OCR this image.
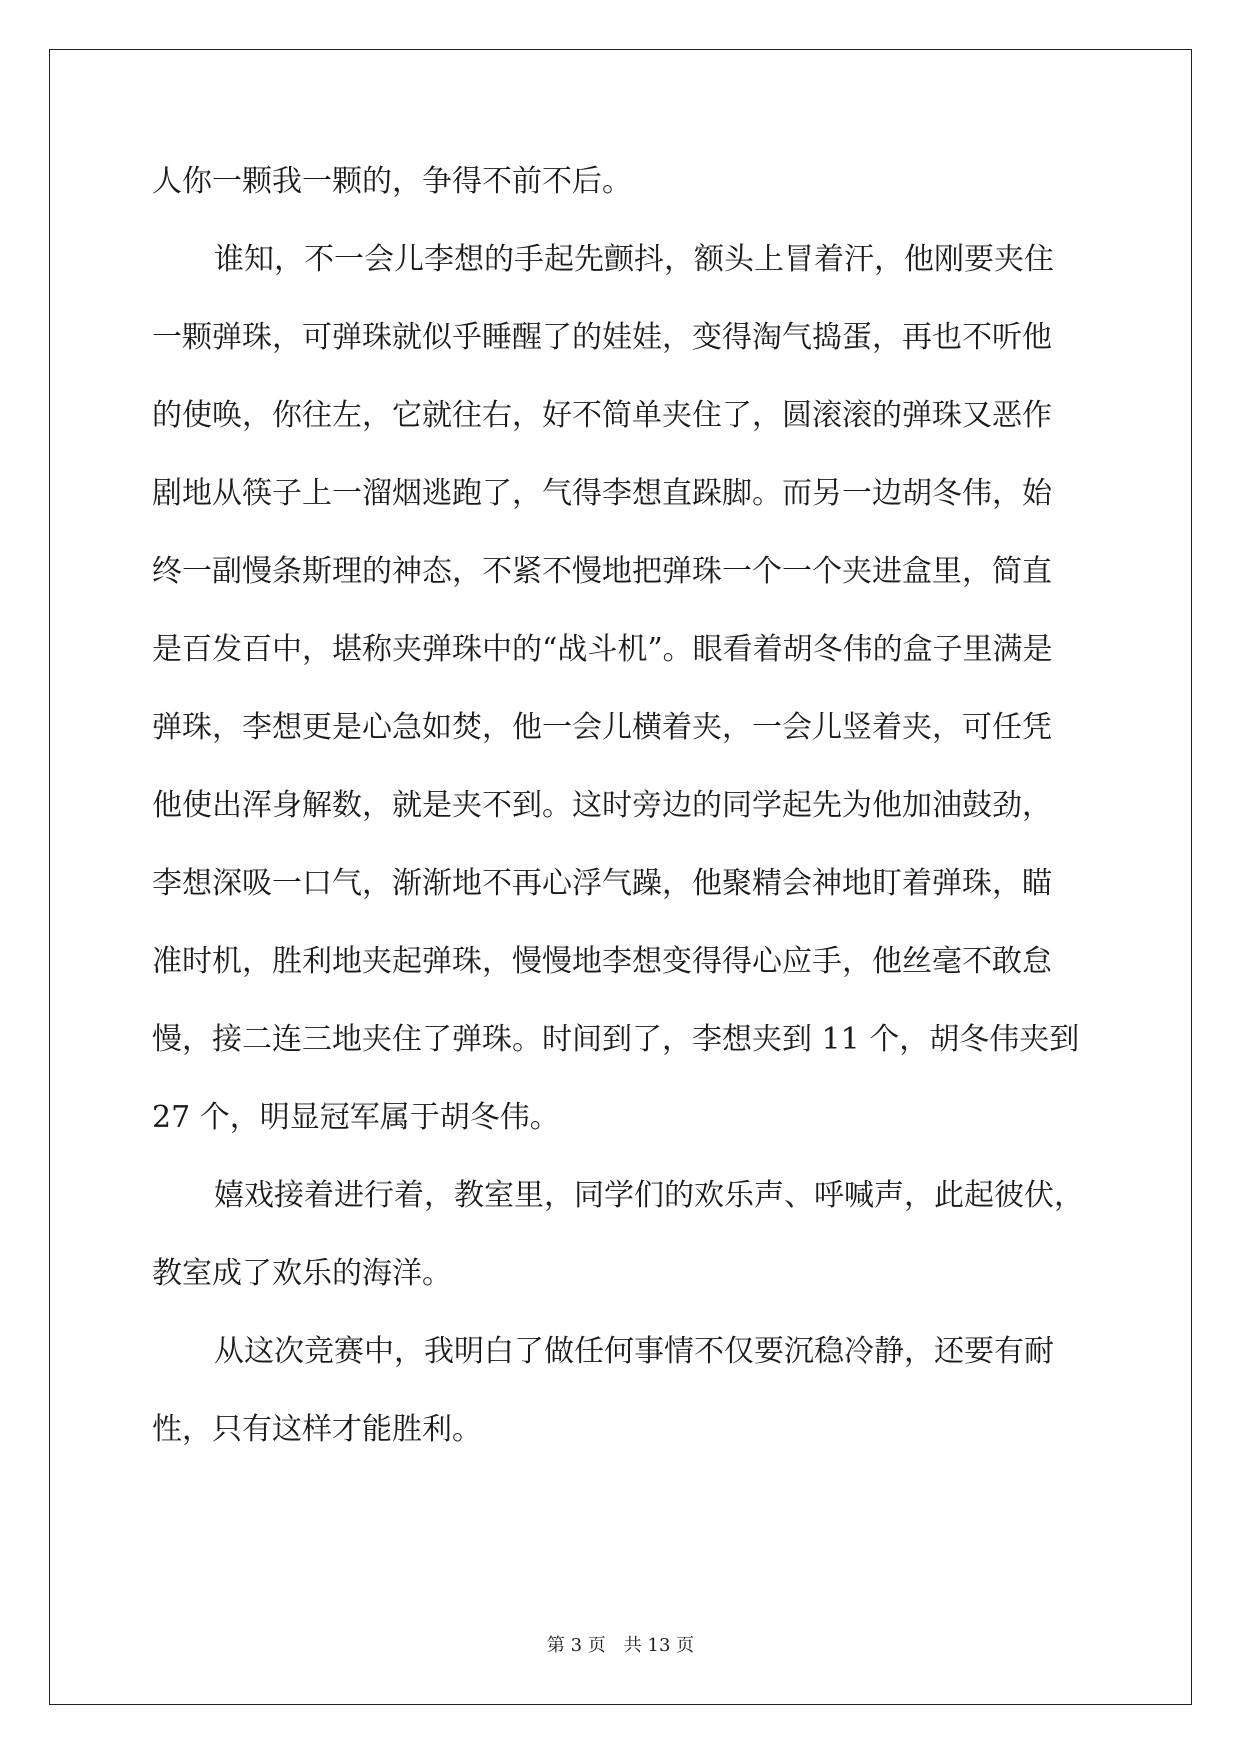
人你一颗我一颗的，争得不前不后。
谁知，不一会儿李想的手起先颤抖，额头上冒着汗，他刚要夹住
一颗弹珠，可弹珠就似乎睡醒了的娃娃，变得淘气捣蛋，再也不听他
的使唤，你往左，它就往右，好不简单夹住了，圆滚滚的弹珠又恶作
剧地从筷子上一溜烟逃跑了，气得李想直跺脚。而另一边胡冬伟，始
终一副慢条斯理的神态，不紧不慢地把弹珠一个一个夹进盒里，简直
是百发百中，堪称夹弹珠中的“战斗机”。眼看着胡冬伟的盒子里满是
弹珠，李想更是心急如焚，他一会儿横着夹，一会儿竖着夹，可任凭
他使出浑身解数，就是夹不到。这时旁边的同学起先为他加油鼓劲，
李想深吸一口气，渐渐地不再心浮气躁，他聚精会神地盯着弹珠，瞄
准时机，胜利地夹起弹珠，慢慢地李想变得得心应手，他丝毫不敢怠
慢，接二连三地夹住了弹珠。时间到了，李想夹到 11 个，胡冬伟夹到
27 个，明显冠军属于胡冬伟。
嬉戏接着进行着，教室里，同学们的欢乐声、呼喊声，此起彼伏，
教室成了欢乐的海洋。
从这次竞赛中，我明白了做任何事情不仅要沉稳冷静，还要有耐
性，只有这样才能胜利。
第 3 页　共 13 页
